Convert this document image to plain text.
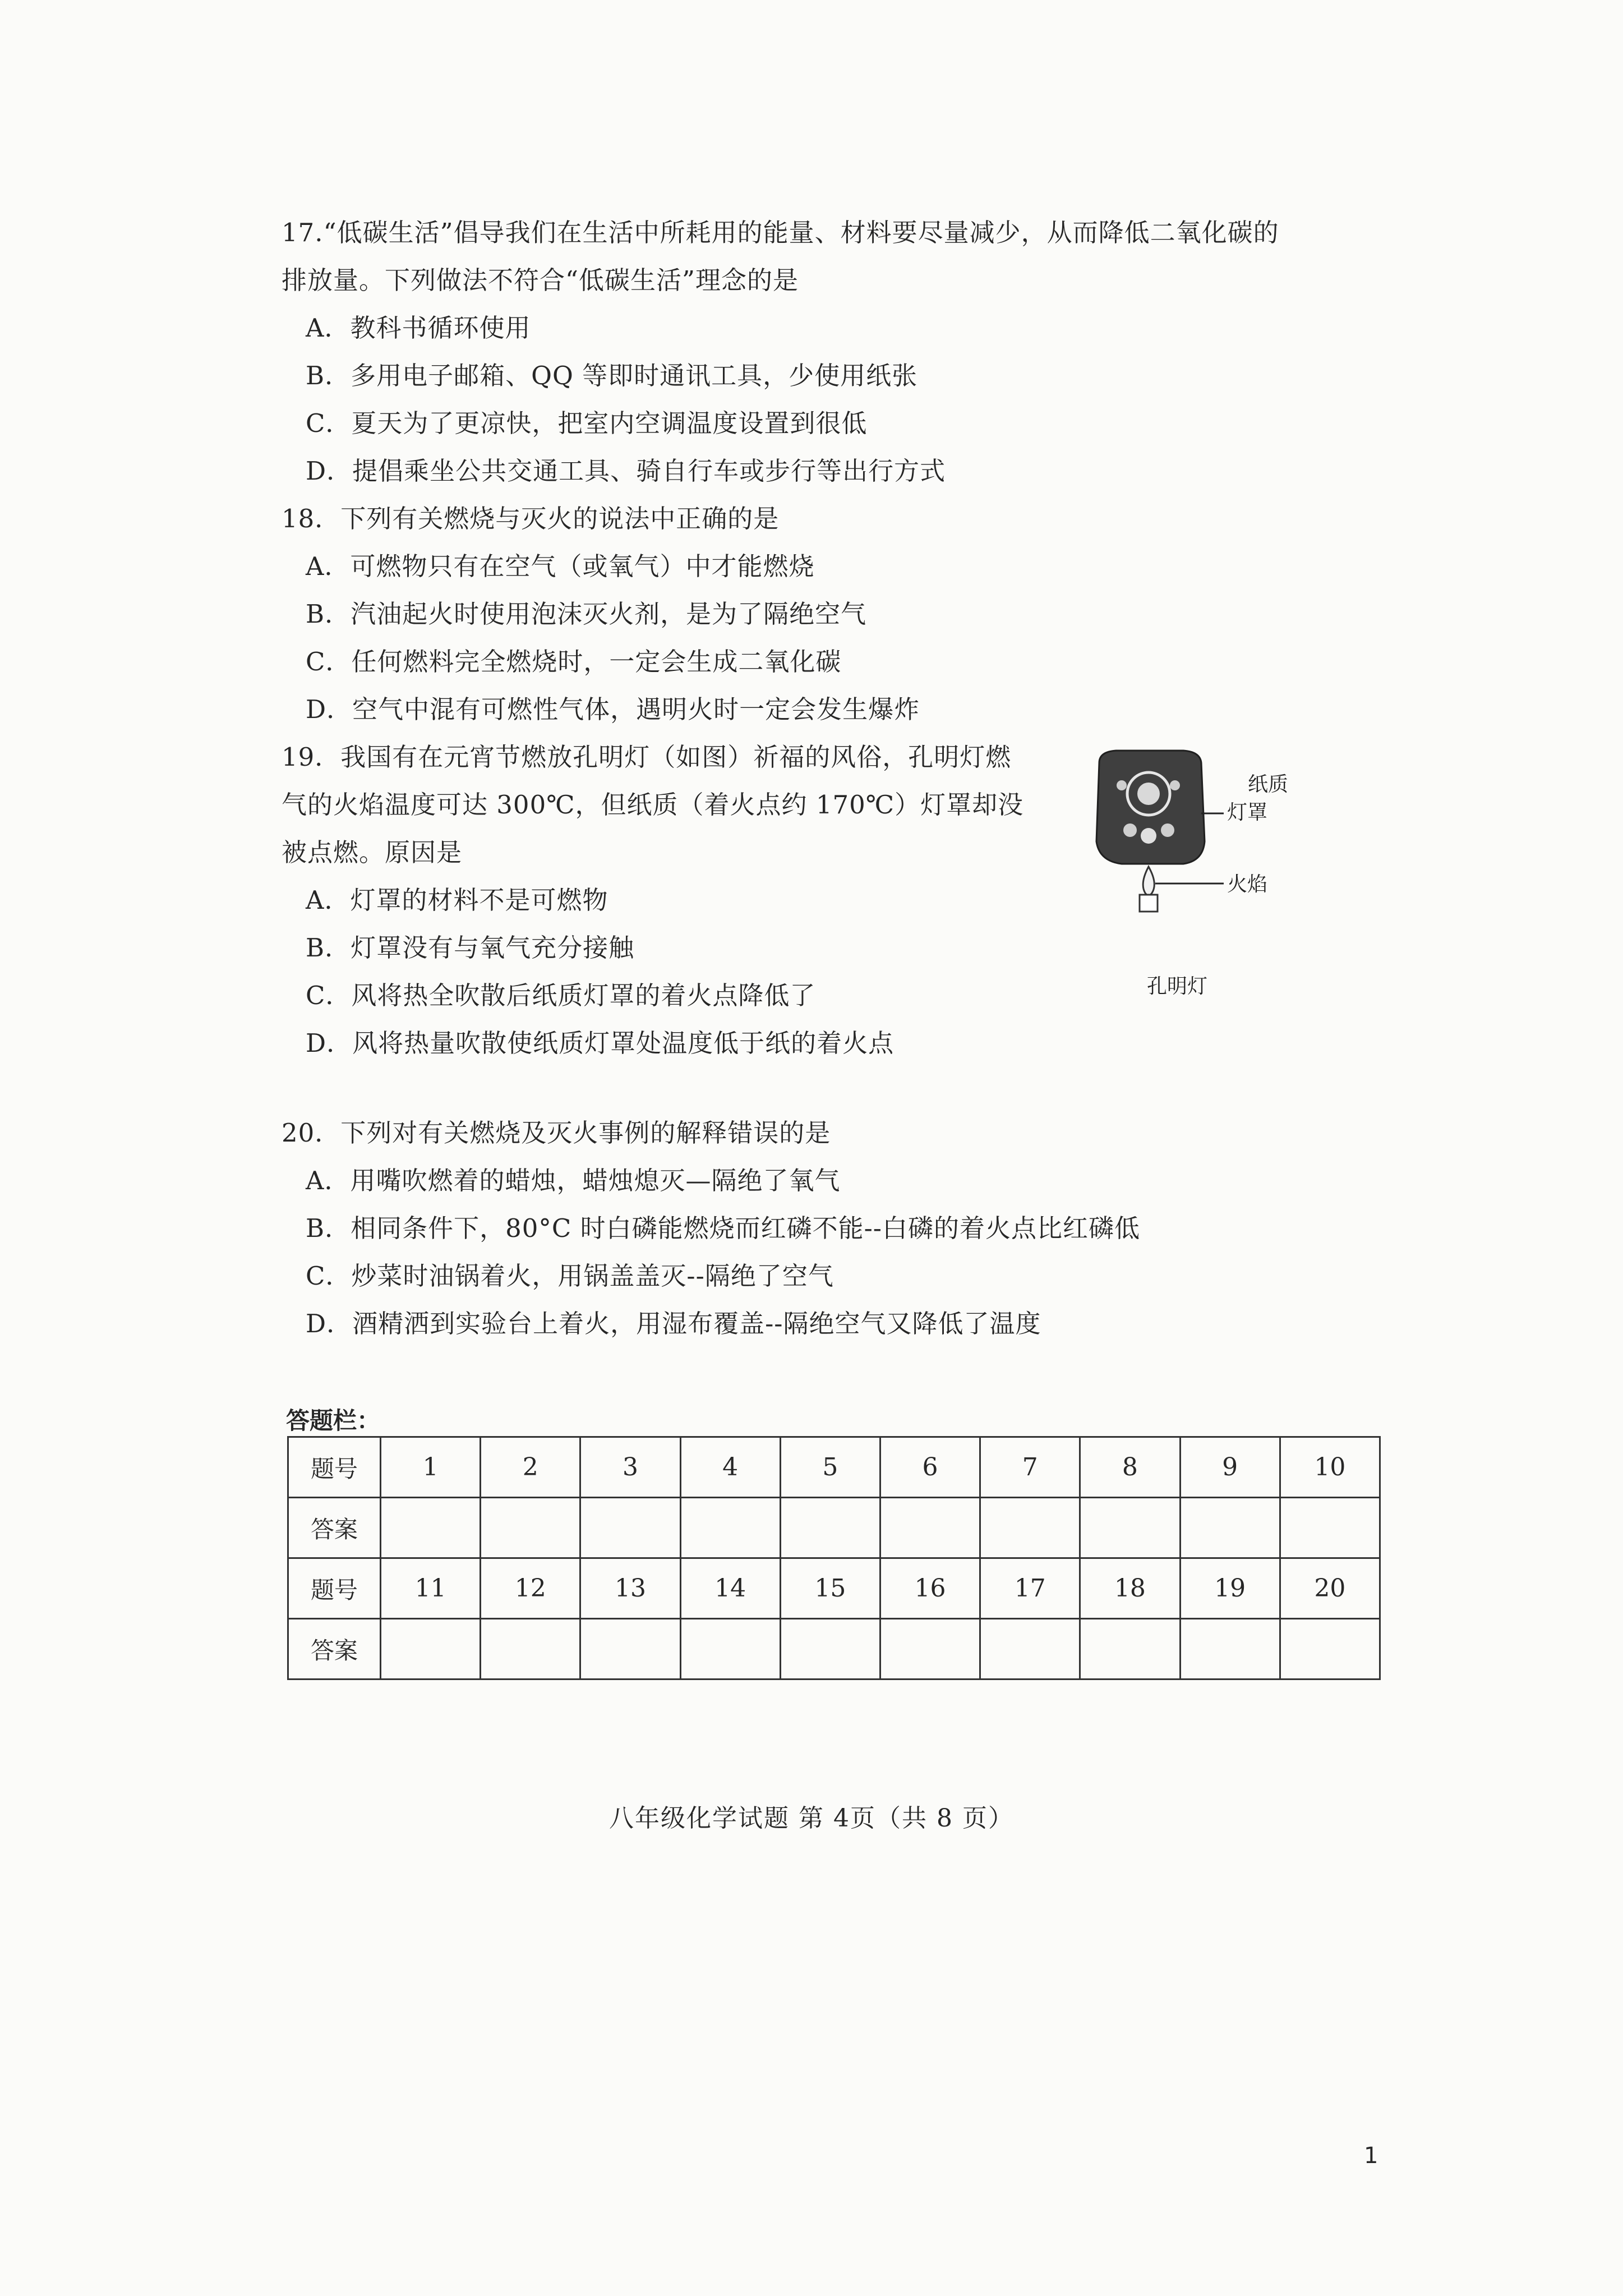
17.“低碳生活”倡导我们在生活中所耗用的能量、材料要尽量减少，从而降低二氧化碳的
排放量。下列做法不符合“低碳生活”理念的是
A．教科书循环使用
B．多用电子邮箱、QQ 等即时通讯工具，少使用纸张
C．夏天为了更凉快，把室内空调温度设置到很低
D．提倡乘坐公共交通工具、骑自行车或步行等出行方式
18．下列有关燃烧与灭火的说法中正确的是
A．可燃物只有在空气（或氧气）中才能燃烧
B．汽油起火时使用泡沫灭火剂，是为了隔绝空气
C．任何燃料完全燃烧时，一定会生成二氧化碳
D．空气中混有可燃性气体，遇明火时一定会发生爆炸
19．我国有在元宵节燃放孔明灯（如图）祈福的风俗，孔明灯燃
气的火焰温度可达 300℃，但纸质（着火点约 170℃）灯罩却没
被点燃。原因是
A．灯罩的材料不是可燃物
B．灯罩没有与氧气充分接触
C．风将热全吹散后纸质灯罩的着火点降低了
D．风将热量吹散使纸质灯罩处温度低于纸的着火点
纸质
灯罩
火焰
孔明灯
20．下列对有关燃烧及灭火事例的解释错误的是
A．用嘴吹燃着的蜡烛，蜡烛熄灭—隔绝了氧气
B．相同条件下，80°C 时白磷能燃烧而红磷不能--白磷的着火点比红磷低
C．炒菜时油锅着火，用锅盖盖灭--隔绝了空气
D．酒精洒到实验台上着火，用湿布覆盖--隔绝空气又降低了温度
答题栏：
题号	1	2	3	4	5	6	7	8	9	10
答案										
题号	11	12	13	14	15	16	17	18	19	20
答案										
八年级化学试题 第 4页（共 8 页）
1
